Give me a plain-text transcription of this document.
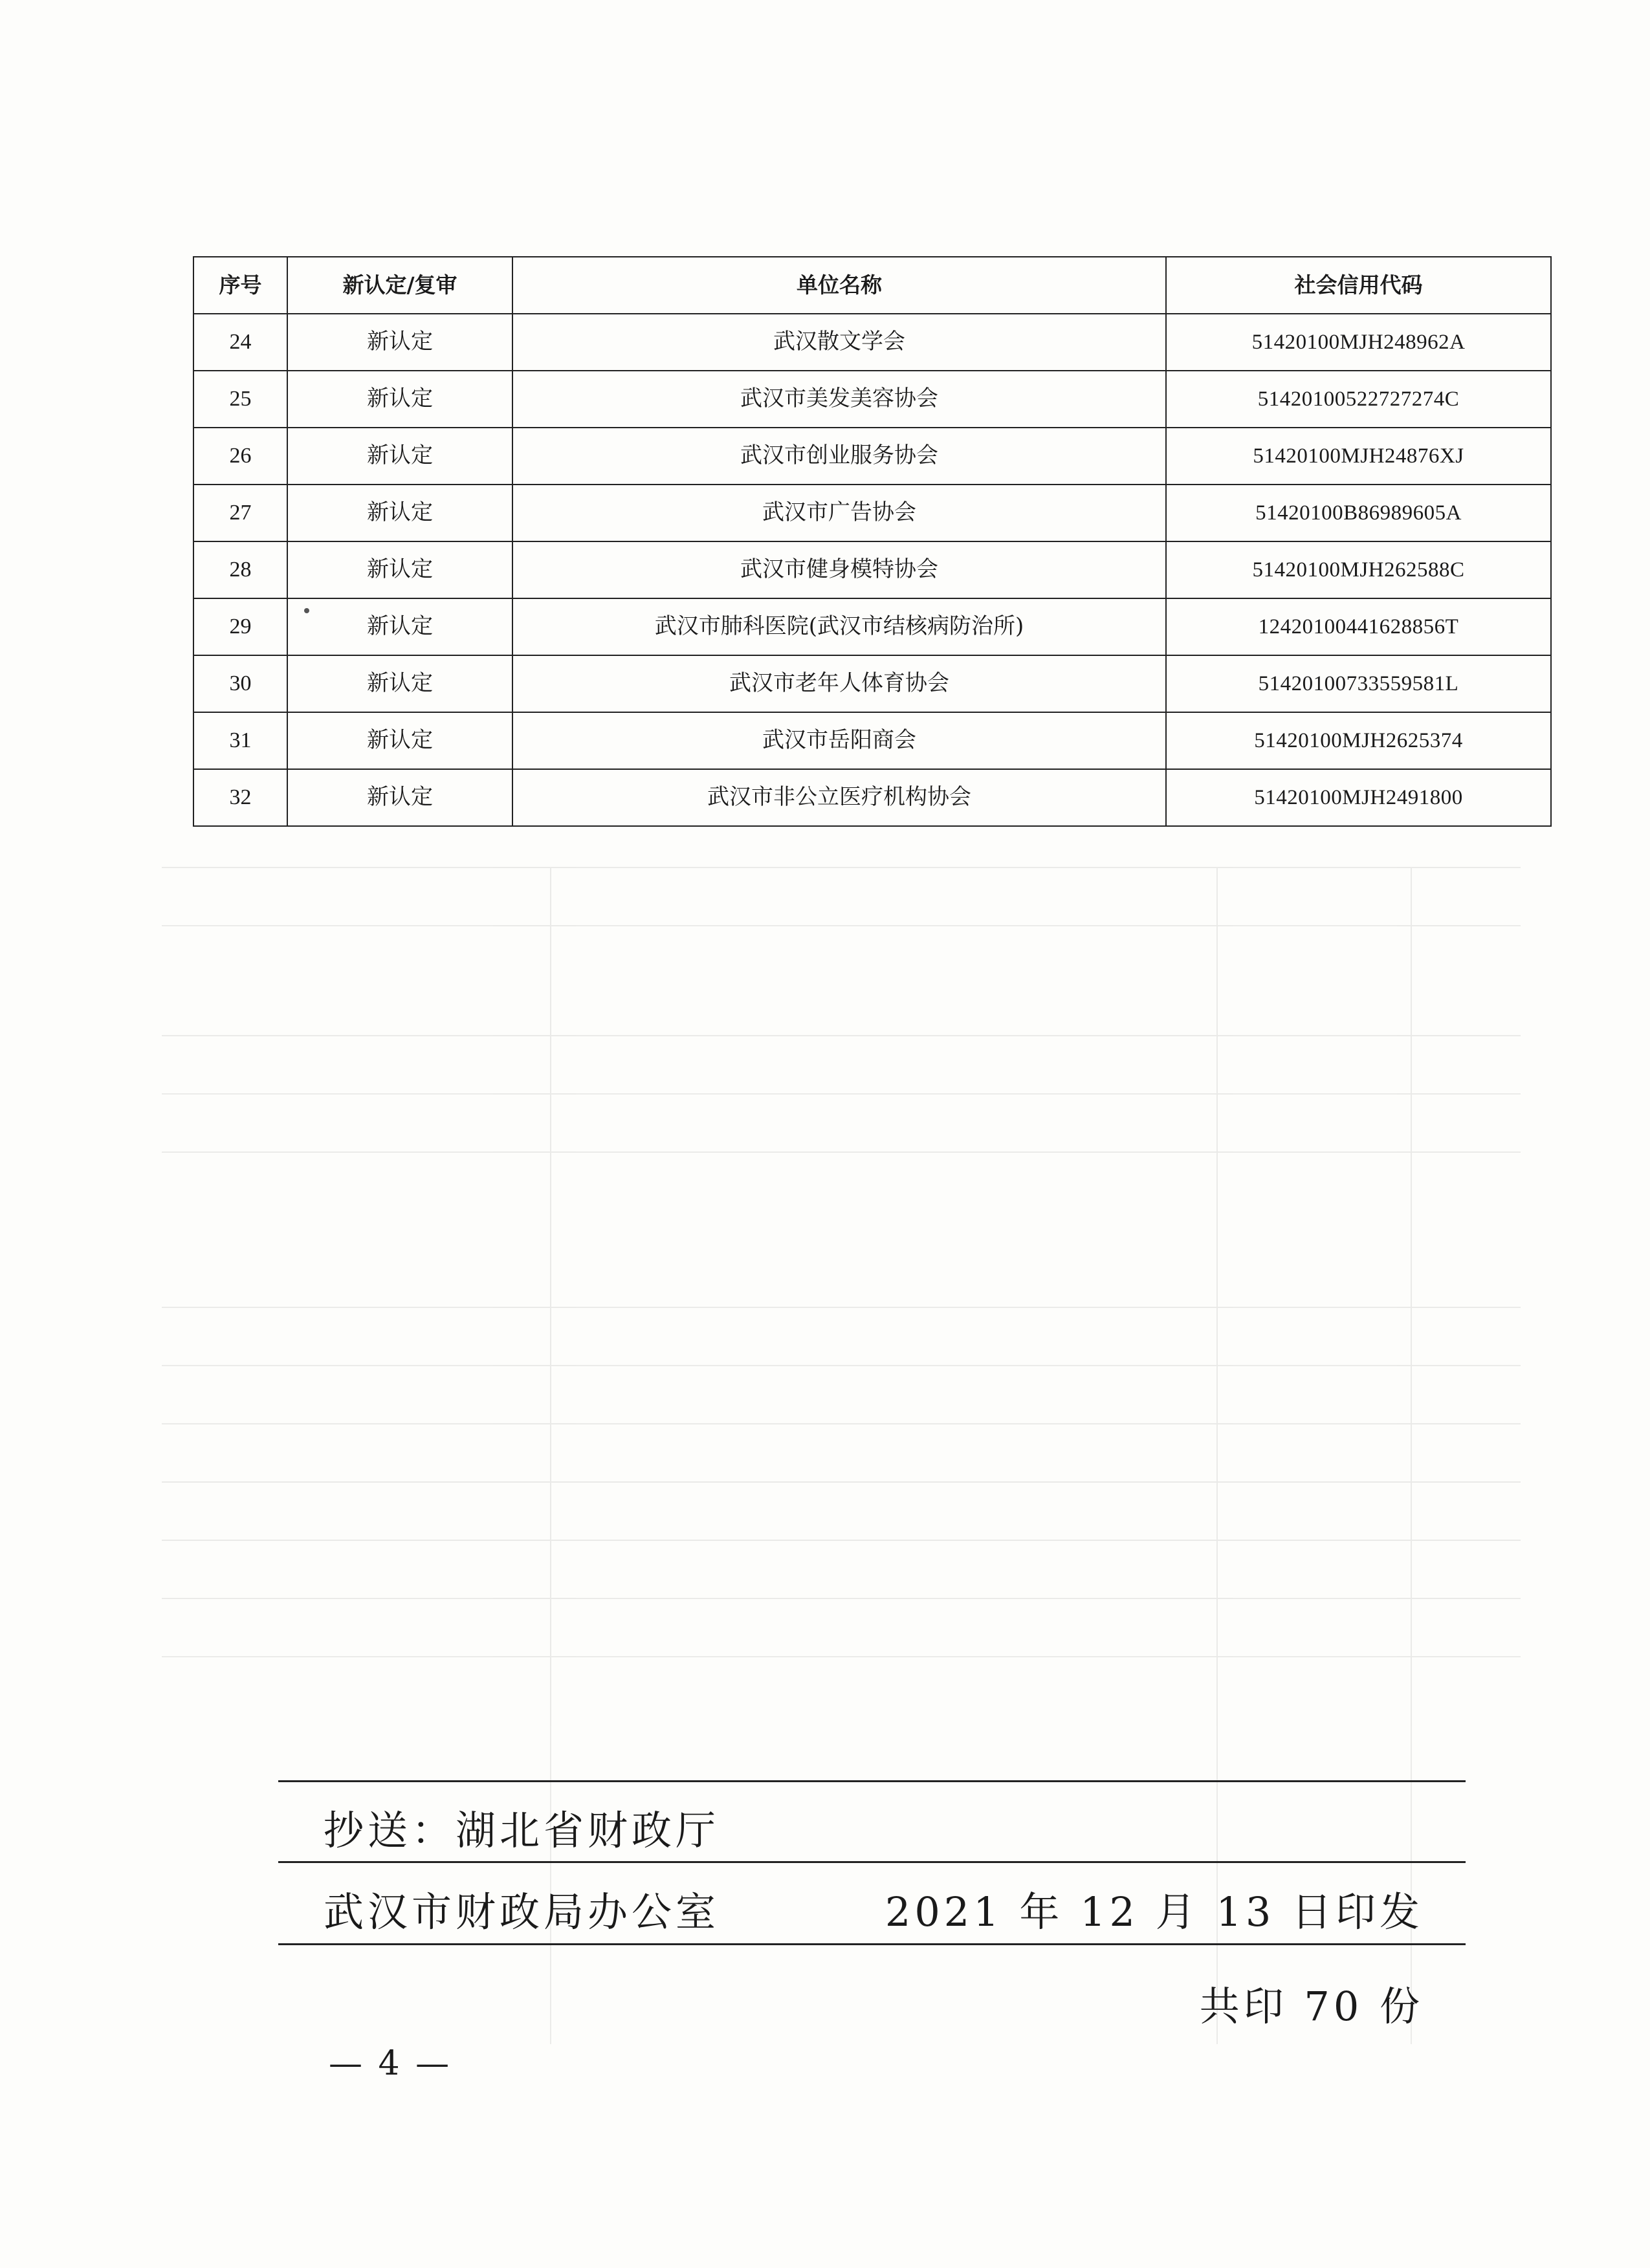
序号	新认定/复审	单位名称	社会信用代码
24	新认定	武汉散文学会	51420100MJH248962A
25	新认定	武汉市美发美容协会	51420100522727274C
26	新认定	武汉市创业服务协会	51420100MJH24876XJ
27	新认定	武汉市广告协会	51420100B86989605A
28	新认定	武汉市健身模特协会	51420100MJH262588C
29	新认定	武汉市肺科医院(武汉市结核病防治所)	12420100441628856T
30	新认定	武汉市老年人体育协会	51420100733559581L
31	新认定	武汉市岳阳商会	51420100MJH2625374
32	新认定	武汉市非公立医疗机构协会	51420100MJH2491800
抄送：湖北省财政厅
武汉市财政局办公室	2021 年 12 月 13 日印发
共印 70 份
— 4 —
